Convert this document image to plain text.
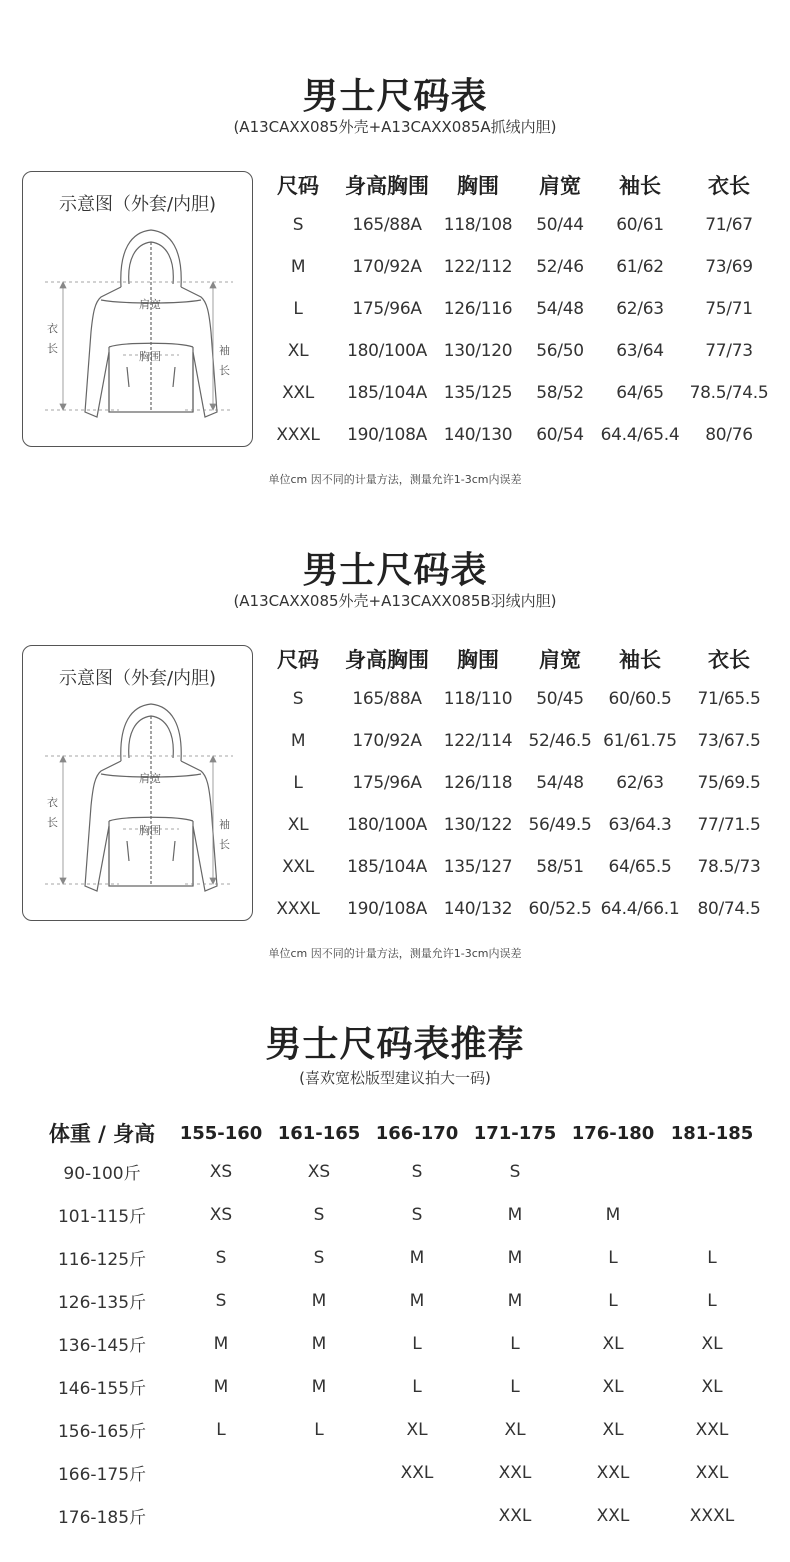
男士尺码表
(A13CAXX085外壳+A13CAXX085A抓绒内胆)
示意图（外套/内胆)
肩宽
胸围
衣
长	袖
长
尺码	身高胸围	胸围	肩宽	袖长	衣长
S	165/88A	118/108	50/44	60/61	71/67
M	170/92A	122/112	52/46	61/62	73/69
L	175/96A	126/116	54/48	62/63	75/71
XL	180/100A	130/120	56/50	63/64	77/73
XXL	185/104A	135/125	58/52	64/65	78.5/74.5
XXXL	190/108A	140/130	60/54	64.4/65.4	80/76
单位cm 因不同的计量方法，测量允许1-3cm内误差
男士尺码表
(A13CAXX085外壳+A13CAXX085B羽绒内胆)
示意图（外套/内胆)
肩宽
胸围
衣
长	袖
长
尺码	身高胸围	胸围	肩宽	袖长	衣长
S	165/88A	118/110	50/45	60/60.5	71/65.5
M	170/92A	122/114	52/46.5	61/61.75	73/67.5
L	175/96A	126/118	54/48	62/63	75/69.5
XL	180/100A	130/122	56/49.5	63/64.3	77/71.5
XXL	185/104A	135/127	58/51	64/65.5	78.5/73
XXXL	190/108A	140/132	60/52.5	64.4/66.1	80/74.5
单位cm 因不同的计量方法，测量允许1-3cm内误差
男士尺码表推荐
(喜欢宽松版型建议拍大一码)
体重 / 身高	155-160	161-165	166-170	171-175	176-180	181-185
90-100斤	XS	XS	S	S		
101-115斤	XS	S	S	M	M	
116-125斤	S	S	M	M	L	L
126-135斤	S	M	M	M	L	L
136-145斤	M	M	L	L	XL	XL
146-155斤	M	M	L	L	XL	XL
156-165斤	L	L	XL	XL	XL	XXL
166-175斤			XXL	XXL	XXL	XXL
176-185斤				XXL	XXL	XXXL
